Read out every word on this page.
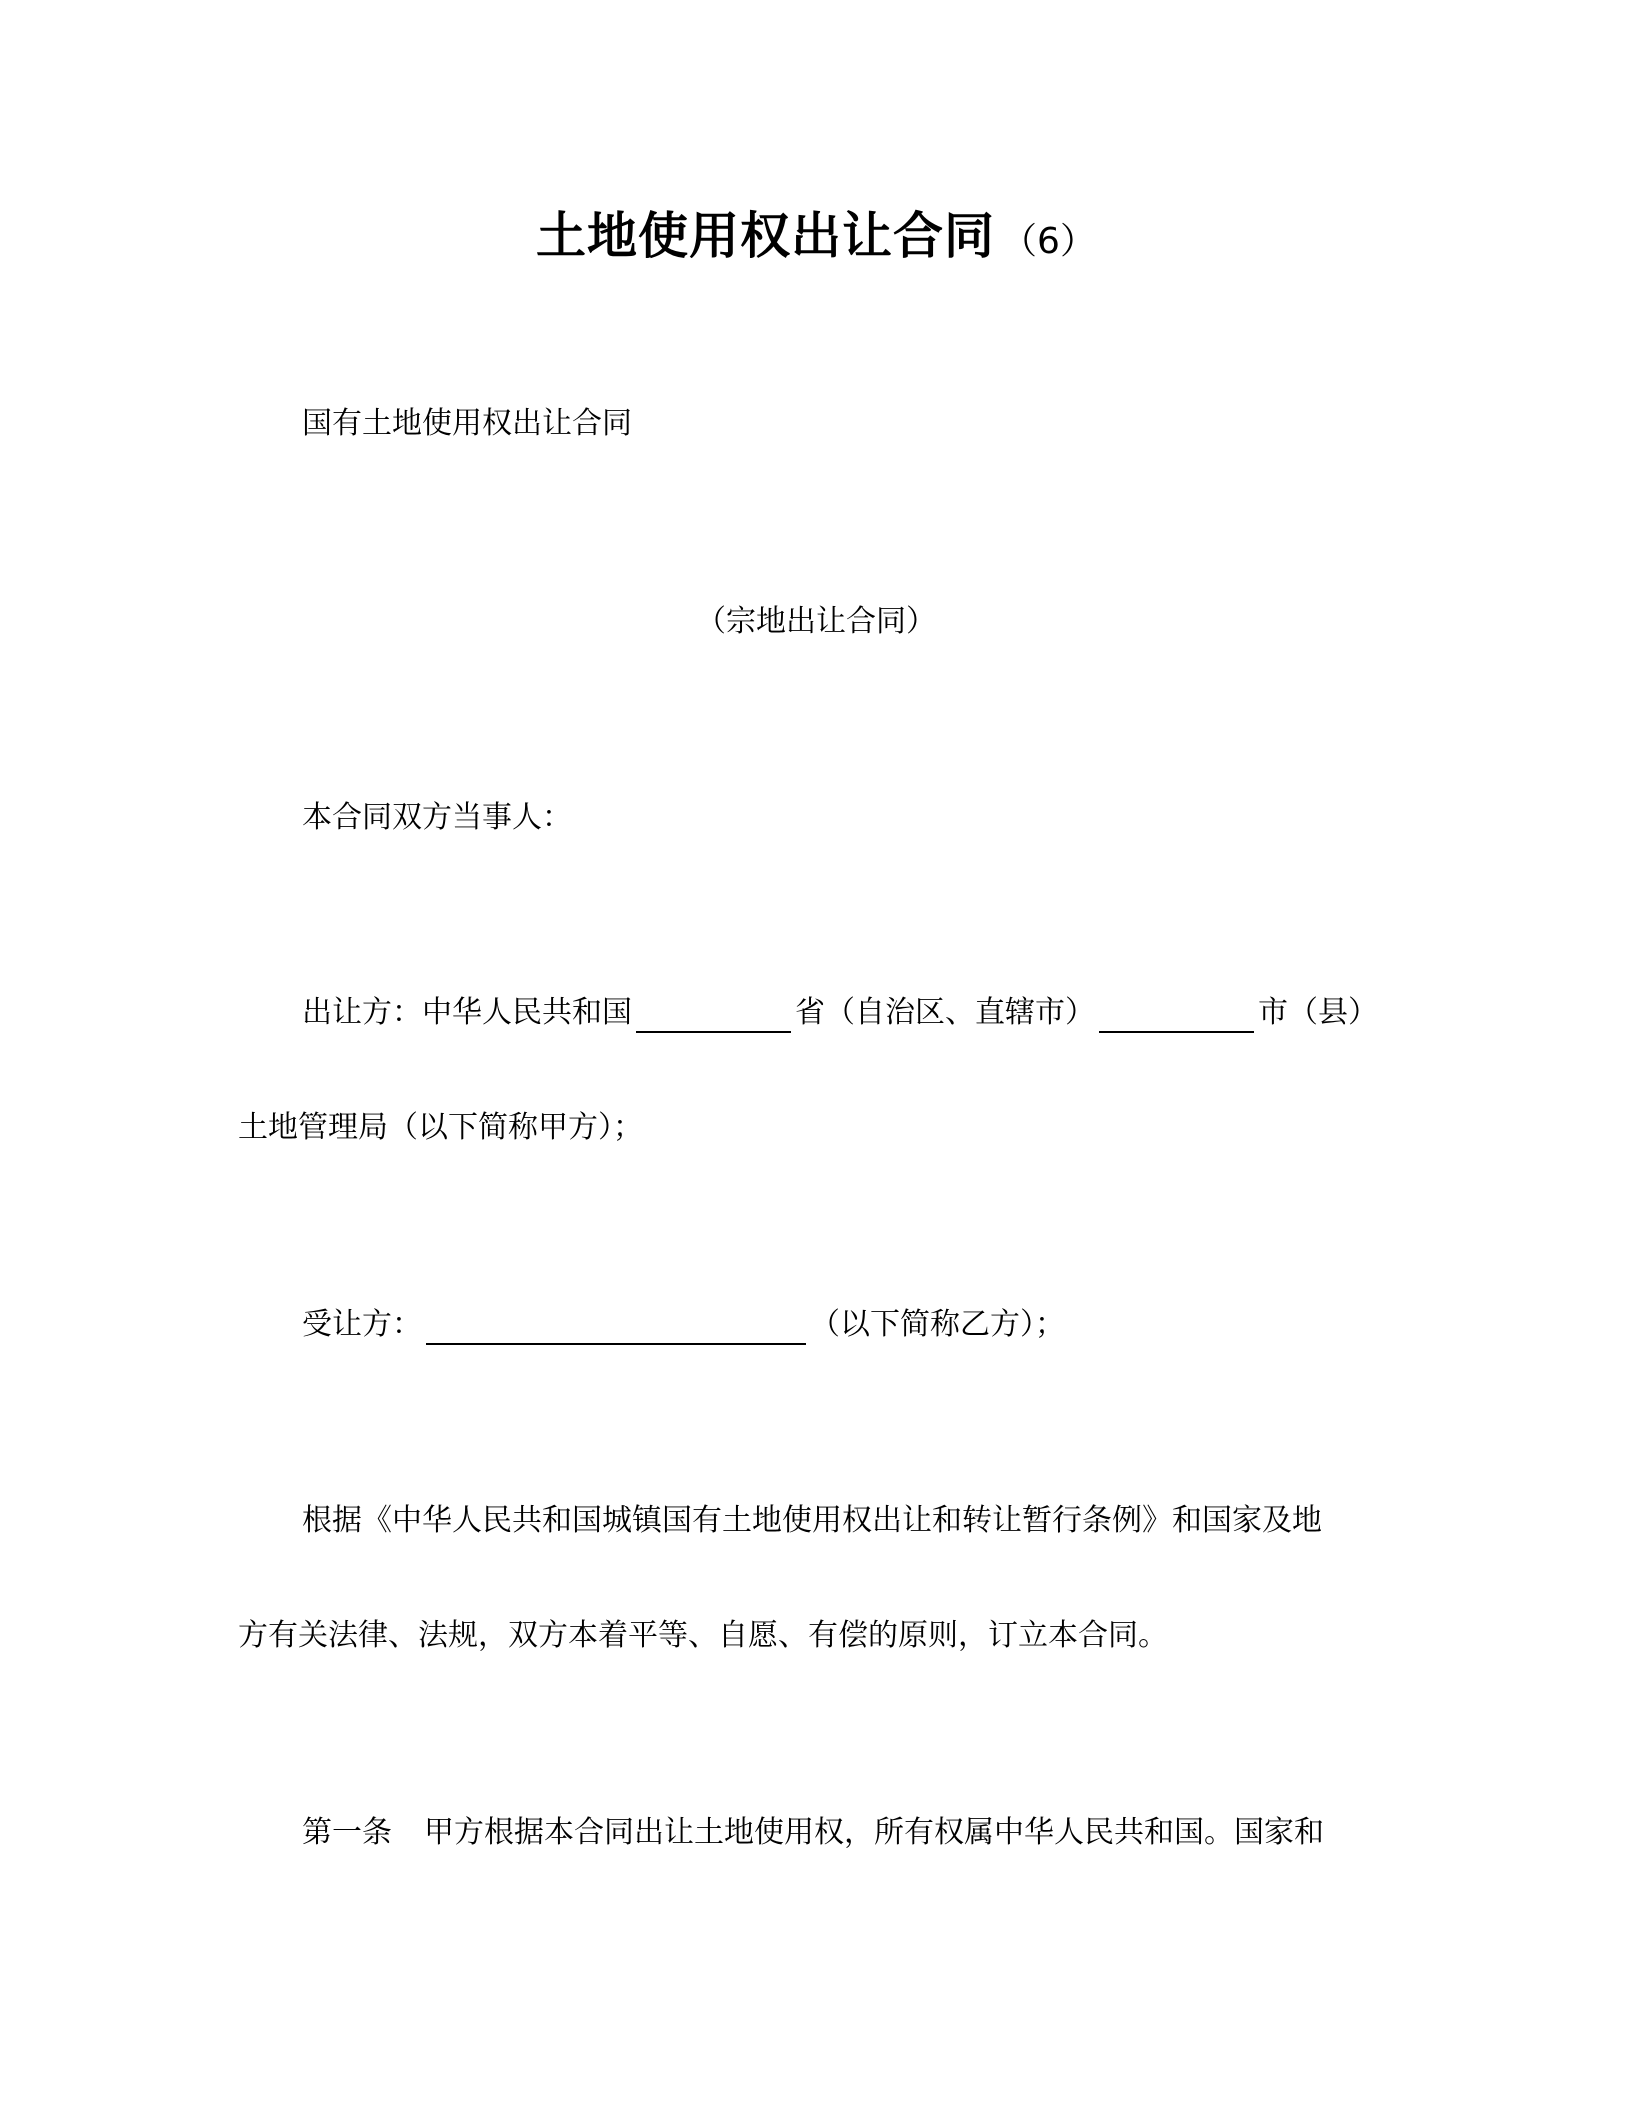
土地使用权出让合同 （6）
国有土地使用权出让合同
（宗地出让合同）
本合同双方当事人：
出让方：中华人民共和国	省（自治区、直辖市）	市（县）
土地管理局（以下简称甲方）；
受让方：	（以下简称乙方）；
根据《中华人民共和国城镇国有土地使用权出让和转让暂行条例》和国家及地
方有关法律、法规，双方本着平等、自愿、有偿的原则，订立本合同。
第一条 甲方根据本合同出让土地使用权，所有权属中华人民共和国。国家和
